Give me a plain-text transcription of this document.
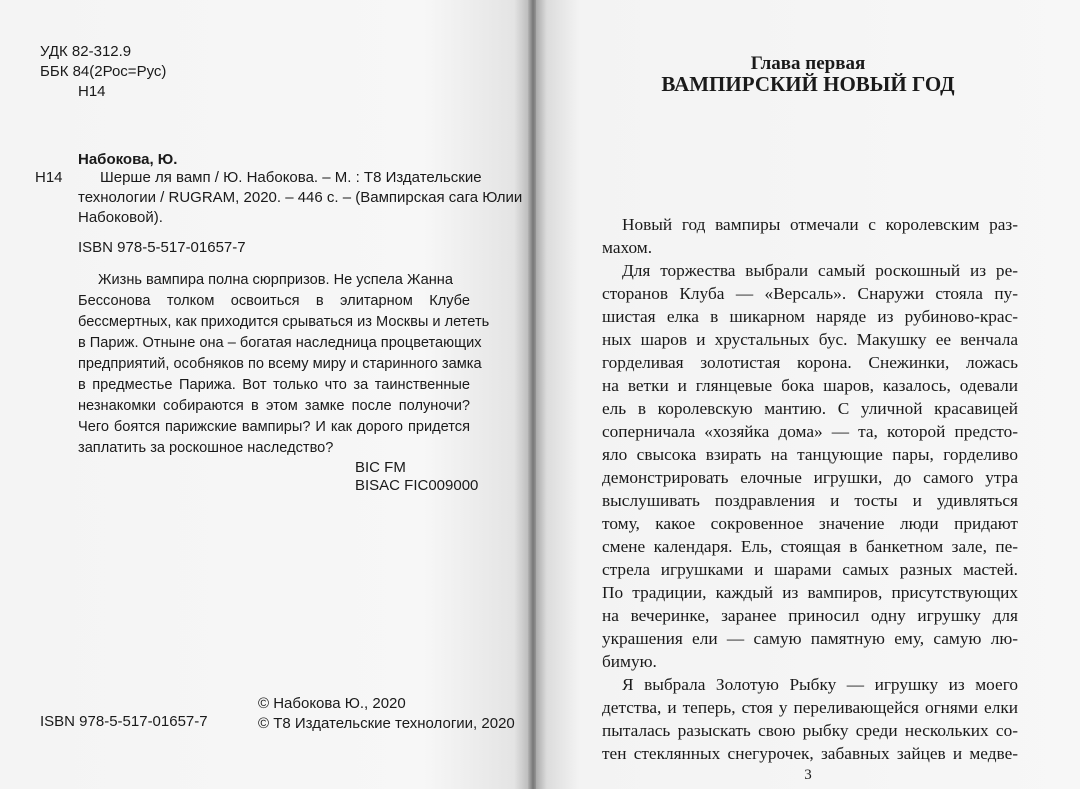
УДК 82-312.9
ББК 84(2Рос=Рус)
Н14
Набокова, Ю.
Н14 Шерше ля вамп / Ю. Набокова. – М. : Т8 Издательские
технологии / RUGRAM, 2020. – 446 с. – (Вампирская сага Юлии
Набоковой).
ISBN 978-5-517-01657-7
Жизнь вампира полна сюрпризов. Не успела Жанна
Бессонова толком освоиться в элитарном Клубе
бессмертных, как приходится срываться из Москвы и лететь
в Париж. Отныне она – богатая наследница процветающих
предприятий, особняков по всему миру и старинного замка
в предместье Парижа. Вот только что за таинственные
незнакомки собираются в этом замке после полуночи?
Чего боятся парижские вампиры? И как дорого придется
заплатить за роскошное наследство?
BIC FM
BISAC FIC009000
ISBN 978-5-517-01657-7
© Набокова Ю., 2020
© Т8 Издательские технологии, 2020
Глава первая
ВАМПИРСКИЙ НОВЫЙ ГОД
Новый год вампиры отмечали с королевским раз-
махом.
Для торжества выбрали самый роскошный из ре-
сторанов Клуба — «Версаль». Снаружи стояла пу-
шистая елка в шикарном наряде из рубиново-крас-
ных шаров и хрустальных бус. Макушку ее венчала
горделивая золотистая корона. Снежинки, ложась
на ветки и глянцевые бока шаров, казалось, одевали
ель в королевскую мантию. С уличной красавицей
соперничала «хозяйка дома» — та, которой предсто-
яло свысока взирать на танцующие пары, горделиво
демонстрировать елочные игрушки, до самого утра
выслушивать поздравления и тосты и удивляться
тому, какое сокровенное значение люди придают
смене календаря. Ель, стоящая в банкетном зале, пе-
стрела игрушками и шарами самых разных мастей.
По традиции, каждый из вампиров, присутствующих
на вечеринке, заранее приносил одну игрушку для
украшения ели — самую памятную ему, самую лю-
бимую.
Я выбрала Золотую Рыбку — игрушку из моего
детства, и теперь, стоя у переливающейся огнями елки
пыталась разыскать свою рыбку среди нескольких со-
тен стеклянных снегурочек, забавных зайцев и медве-
3
